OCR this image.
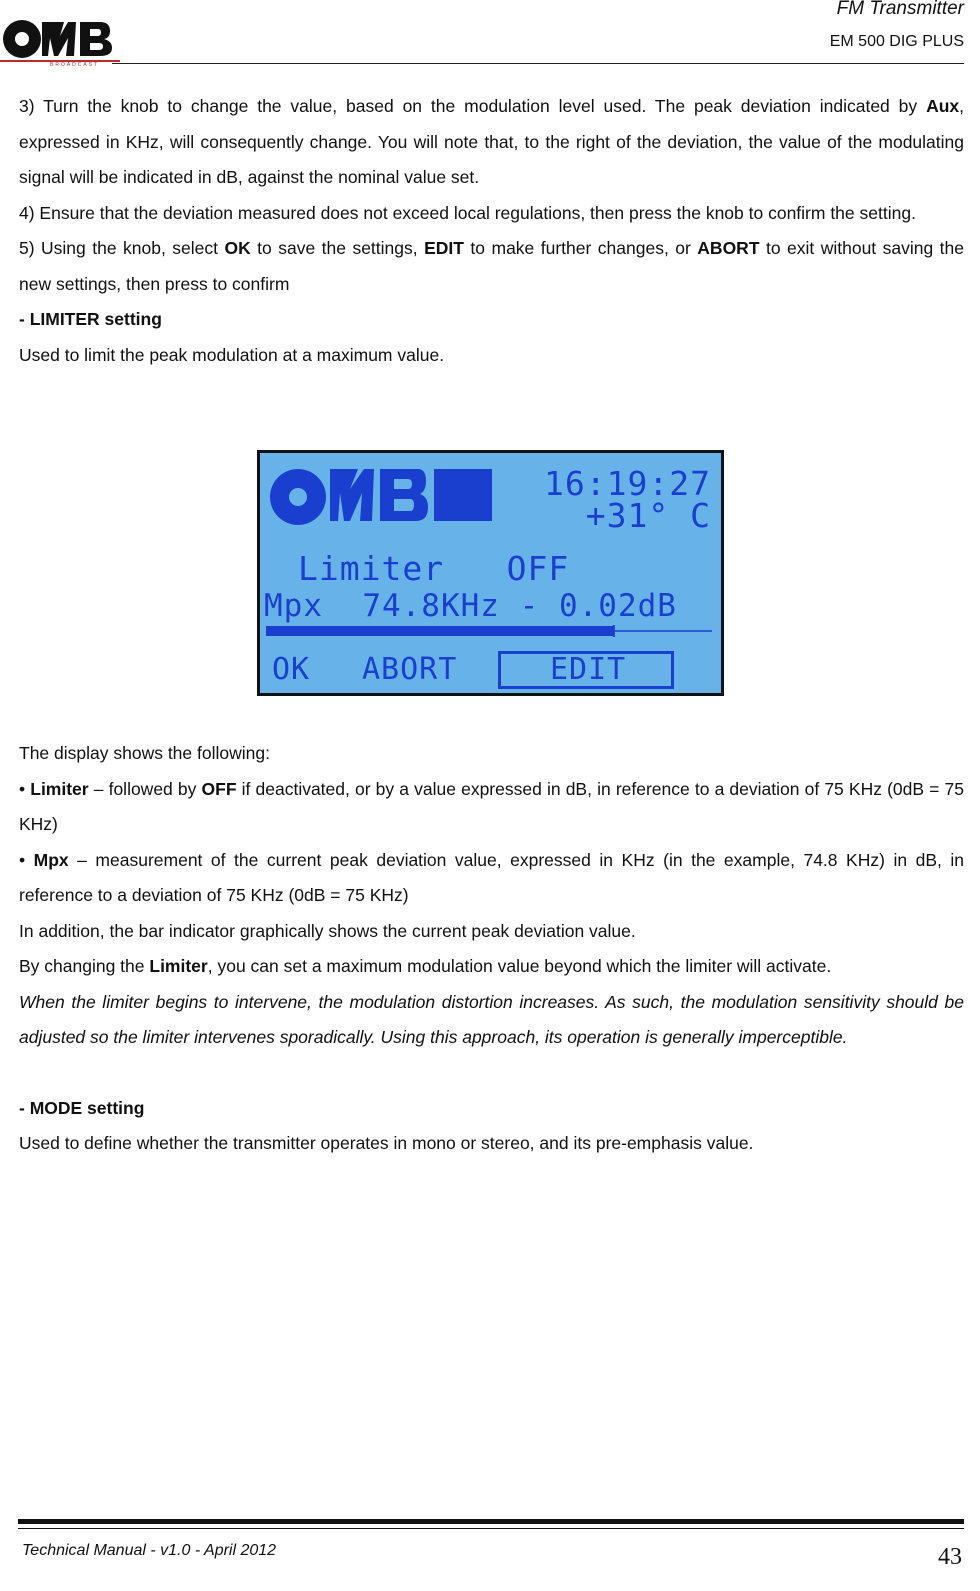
BROADCAST
FM Transmitter
EM 500 DIG PLUS

3) Turn the knob to change the value, based on the modulation level used. The peak deviation indicated by Aux, expressed in KHz, will consequently change. You will note that, to the right of the deviation, the value of the modulating signal will be indicated in dB, against the nominal value set.

4) Ensure that the deviation measured does not exceed local regulations, then press the knob to confirm the setting.

5) Using the knob, select OK to save the settings, EDIT to make further changes, or ABORT to exit without saving the new settings, then press to confirm

- LIMITER setting

Used to limit the peak modulation at a maximum value.

16:19:27
+31° C
Limiter   OFF
Mpx  74.8KHz - 0.02dB
OK ABORT	EDIT

The display shows the following:

• Limiter – followed by OFF if deactivated, or by a value expressed in dB, in reference to a deviation of 75 KHz (0dB = 75 KHz)

• Mpx – measurement of the current peak deviation value, expressed in KHz (in the example, 74.8 KHz) in dB, in reference to a deviation of 75 KHz (0dB = 75 KHz)

In addition, the bar indicator graphically shows the current peak deviation value.

By changing the Limiter, you can set a maximum modulation value beyond which the limiter will activate.

When the limiter begins to intervene, the modulation distortion increases. As such, the modulation sensitivity should be adjusted so the limiter intervenes sporadically. Using this approach, its operation is generally imperceptible.

- MODE setting

Used to define whether the transmitter operates in mono or stereo, and its pre-emphasis value.

Technical Manual - v1.0 - April 2012	43
